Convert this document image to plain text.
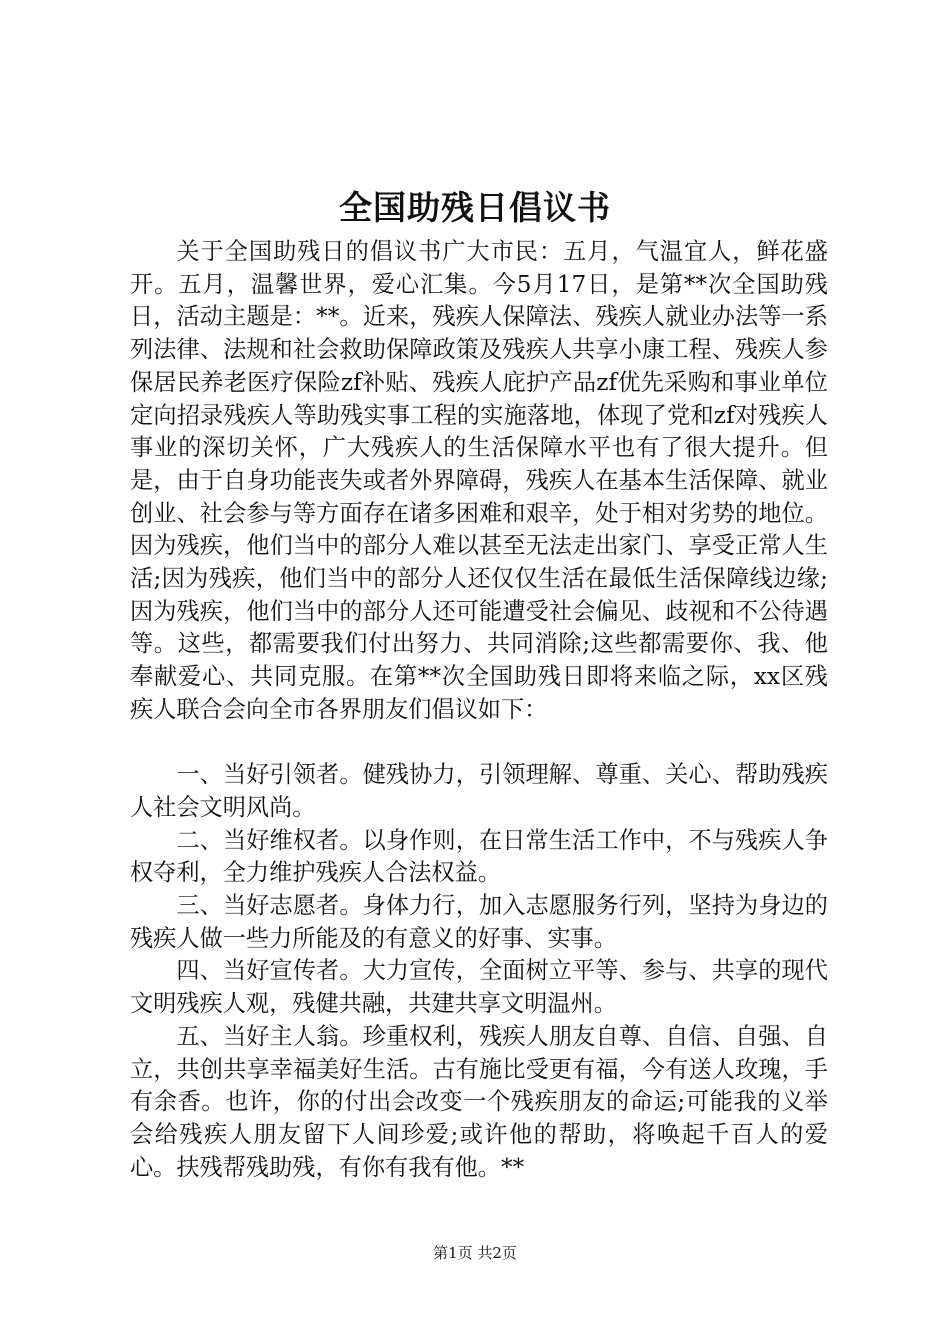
全国助残日倡议书

关于全国助残日的倡议书广大市民：五月，气温宜人，鲜花盛开。五月，温馨世界，爱心汇集。今5月17日，是第**次全国助残日，活动主题是：**。近来，残疾人保障法、残疾人就业办法等一系列法律、法规和社会救助保障政策及残疾人共享小康工程、残疾人参保居民养老医疗保险zf补贴、残疾人庇护产品zf优先采购和事业单位定向招录残疾人等助残实事工程的实施落地，体现了党和zf对残疾人事业的深切关怀，广大残疾人的生活保障水平也有了很大提升。但是，由于自身功能丧失或者外界障碍，残疾人在基本生活保障、就业创业、社会参与等方面存在诸多困难和艰辛，处于相对劣势的地位。因为残疾，他们当中的部分人难以甚至无法走出家门、享受正常人生活;因为残疾，他们当中的部分人还仅仅生活在最低生活保障线边缘;因为残疾，他们当中的部分人还可能遭受社会偏见、歧视和不公待遇等。这些，都需要我们付出努力、共同消除;这些都需要你、我、他奉献爱心、共同克服。在第**次全国助残日即将来临之际，xx区残疾人联合会向全市各界朋友们倡议如下：

一、当好引领者。健残协力，引领理解、尊重、关心、帮助残疾人社会文明风尚。

二、当好维权者。以身作则，在日常生活工作中，不与残疾人争权夺利，全力维护残疾人合法权益。

三、当好志愿者。身体力行，加入志愿服务行列，坚持为身边的残疾人做一些力所能及的有意义的好事、实事。

四、当好宣传者。大力宣传，全面树立平等、参与、共享的现代文明残疾人观，残健共融，共建共享文明温州。

五、当好主人翁。珍重权利，残疾人朋友自尊、自信、自强、自立，共创共享幸福美好生活。古有施比受更有福，今有送人玫瑰，手有余香。也许，你的付出会改变一个残疾朋友的命运;可能我的义举会给残疾人朋友留下人间珍爱;或许他的帮助，将唤起千百人的爱心。扶残帮残助残，有你有我有他。**

第1页 共2页
